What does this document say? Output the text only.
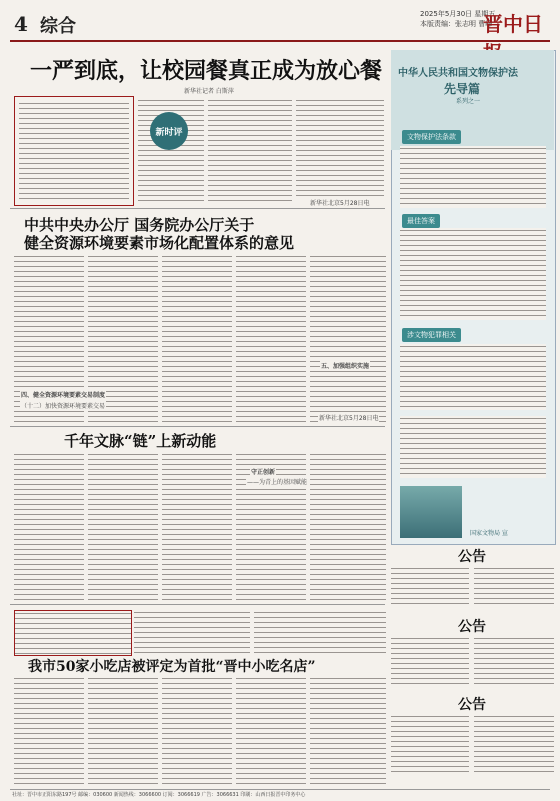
4 综合
2025年5月30日 星期五
本版责编：张志明 曹峰
晋中日
一严到底，让校园餐真正成为放心餐
新华社记者 白斯萍
新时评
新华社北京5月28日电
中共中央办公厅 国务院办公厅关于
健全资源环境要素市场化配置体系的意见
四、健全资源环境要素交易制度
（十二）加快资源环境要素交易
五、加强组织实施
新华社北京5月28日电
千年文脉“链”上新动能
守正创新
——为青上的基因赋能
我市50家小吃店被评定为首批“晋中小吃名店”
中华人民共和国文物保护法
先导篇
系列之一
文物保护法条款
最佳答案
涉文物犯罪相关
国家文物局 宣
公告
公告
公告
社址：晋中市正阳东路197号 邮编：030600 新闻热线：3066600 订阅：3066619 广告：3066631 印刷：山西日报晋中印务中心
